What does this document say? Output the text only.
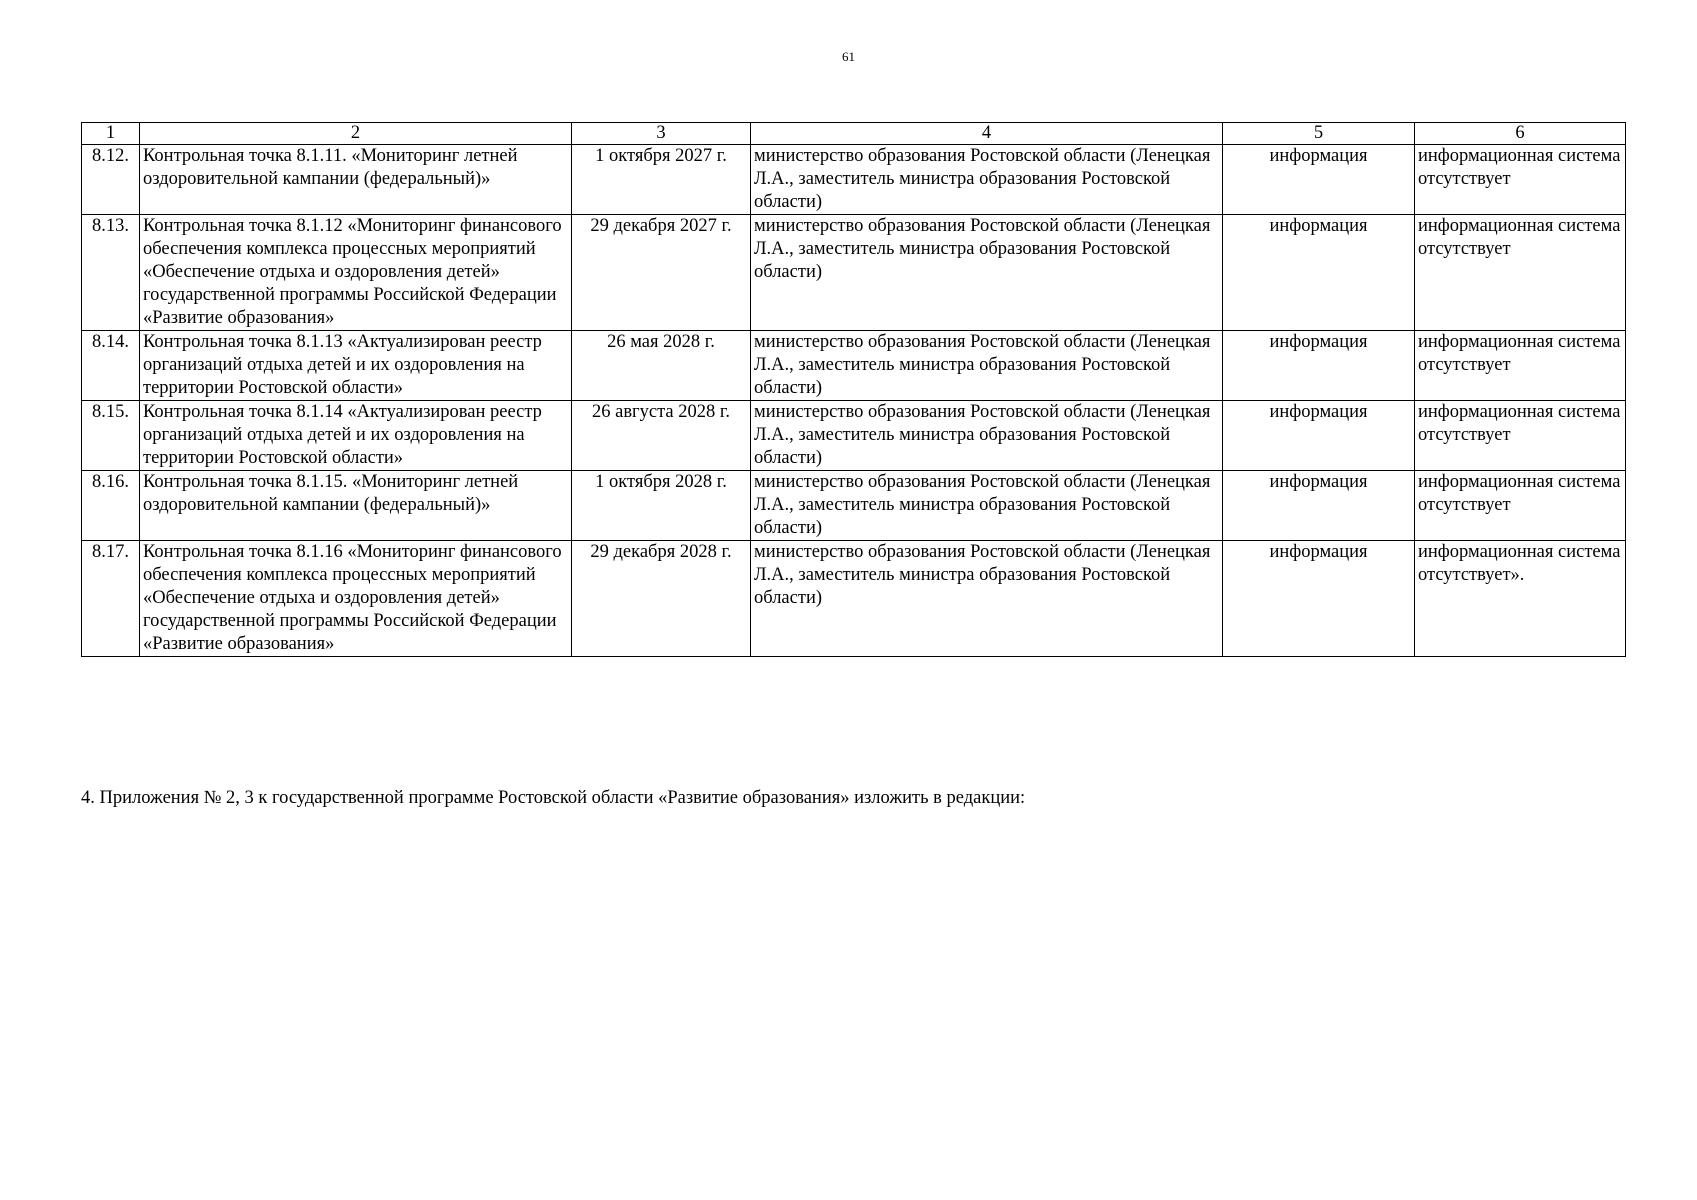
61
1	2	3	4	5	6
8.12.	Контрольная точка 8.1.11. «Мониторинг летней оздоровительной кампании (федеральный)»	1 октября 2027 г.	министерство образования Ростовской области (Ленецкая Л.А., заместитель министра образования Ростовской области)	информация	информационная система отсутствует
8.13.	Контрольная точка 8.1.12 «Мониторинг финансового обеспечения комплекса процессных мероприятий «Обеспечение отдыха и оздоровления детей» государственной программы Российской Федерации «Развитие образования»	29 декабря 2027 г.	министерство образования Ростовской области (Ленецкая Л.А., заместитель министра образования Ростовской области)	информация	информационная система отсутствует
8.14.	Контрольная точка 8.1.13 «Актуализирован реестр организаций отдыха детей и их оздоровления на территории Ростовской области»	26 мая 2028 г.	министерство образования Ростовской области (Ленецкая Л.А., заместитель министра образования Ростовской области)	информация	информационная система отсутствует
8.15.	Контрольная точка 8.1.14 «Актуализирован реестр организаций отдыха детей и их оздоровления на территории Ростовской области»	26 августа 2028 г.	министерство образования Ростовской области (Ленецкая Л.А., заместитель министра образования Ростовской области)	информация	информационная система отсутствует
8.16.	Контрольная точка 8.1.15. «Мониторинг летней оздоровительной кампании (федеральный)»	1 октября 2028 г.	министерство образования Ростовской области (Ленецкая Л.А., заместитель министра образования Ростовской области)	информация	информационная система отсутствует
8.17.	Контрольная точка 8.1.16 «Мониторинг финансового обеспечения комплекса процессных мероприятий «Обеспечение отдыха и оздоровления детей» государственной программы Российской Федерации «Развитие образования»	29 декабря 2028 г.	министерство образования Ростовской области (Ленецкая Л.А., заместитель министра образования Ростовской области)	информация	информационная система отсутствует».

4. Приложения № 2, 3 к государственной программе Ростовской области «Развитие образования» изложить в редакции:
